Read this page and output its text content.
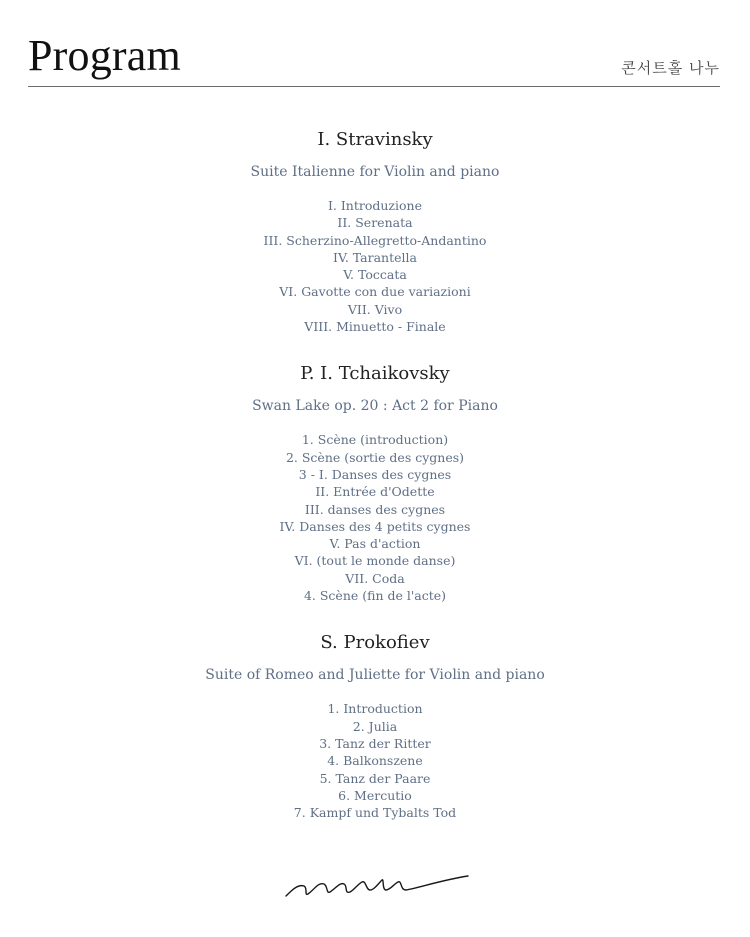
Program	콘서트홀 나누
I. Stravinsky
Suite Italienne for Violin and piano
I. Introduzione
II. Serenata
III. Scherzino-Allegretto-Andantino
IV. Tarantella
V. Toccata
VI. Gavotte con due variazioni
VII. Vivo
VIII. Minuetto - Finale
P. I. Tchaikovsky
Swan Lake op. 20 : Act 2 for Piano
1. Scène (introduction)
2. Scène (sortie des cygnes)
3 - I. Danses des cygnes
II. Entrée d'Odette
III. danses des cygnes
IV. Danses des 4 petits cygnes
V. Pas d'action
VI. (tout le monde danse)
VII. Coda
4. Scène (fin de l'acte)
S. Prokofiev
Suite of Romeo and Juliette for Violin and piano
1. Introduction
2. Julia
3. Tanz der Ritter
4. Balkonszene
5. Tanz der Paare
6. Mercutio
7. Kampf und Tybalts Tod
